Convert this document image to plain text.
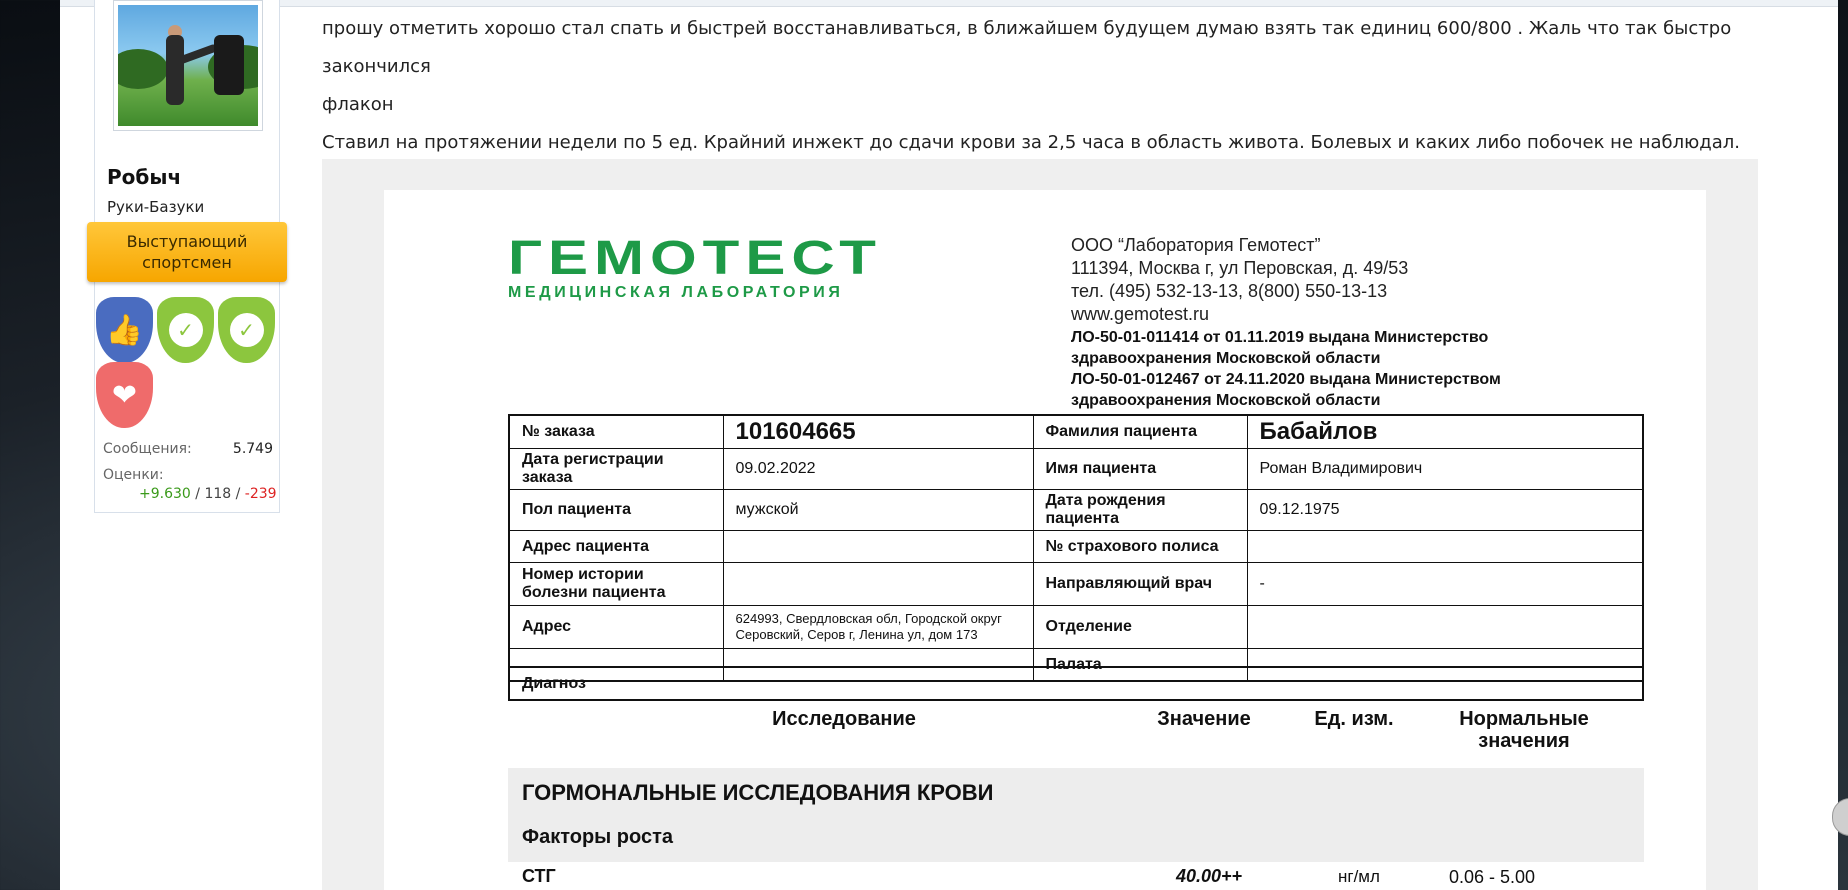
Робыч
Руки-Базуки
Выступающий спортсмен
👍	✓	✓
❤
Сообщения:	5.749
Оценки:
+9.630 / 118 / -239

прошу отметить хорошо стал спать и быстрей восстанавливаться, в ближайшем будущем думаю взять так единиц 600/800 . Жаль что так быстро закончился

флакон

Ставил на протяжении недели по 5 ед. Крайний инжект до сдачи крови за 2,5 часа в область живота. Болевых и каких либо побочек не наблюдал.

ГЕМОТЕСТ
МЕДИЦИНСКАЯ ЛАБОРАТОРИЯ
ООО “Лаборатория Гемотест”
111394, Москва г, ул Перовская, д. 49/53
тел. (495) 532-13-13, 8(800) 550-13-13
www.gemotest.ru
ЛО-50-01-011414 от 01.11.2019 выдана Министерство
здравоохранения Московской области
ЛО-50-01-012467 от 24.11.2020 выдана Министерством
здравоохранения Московской области
№ заказа	101604665	Фамилия пациента	Бабайлов
Дата регистрации заказа	09.02.2022	Имя пациента	Роман Владимирович
Пол пациента	мужской	Дата рождения пациента	09.12.1975
Адрес пациента		№ страхового полиса	
Номер истории болезни пациента		Направляющий врач	-
Адрес	624993, Свердловская обл, Городской округ
Серовский, Серов г, Ленина ул, дом 173	Отделение	
		Палата	
Диагноз
Исследование	Значение	Ед. изм.	Нормальные
значения
ГОРМОНАЛЬНЫЕ ИССЛЕДОВАНИЯ КРОВИ
Факторы роста
СТГ	40.00++	нг/мл	0.06 - 5.00
